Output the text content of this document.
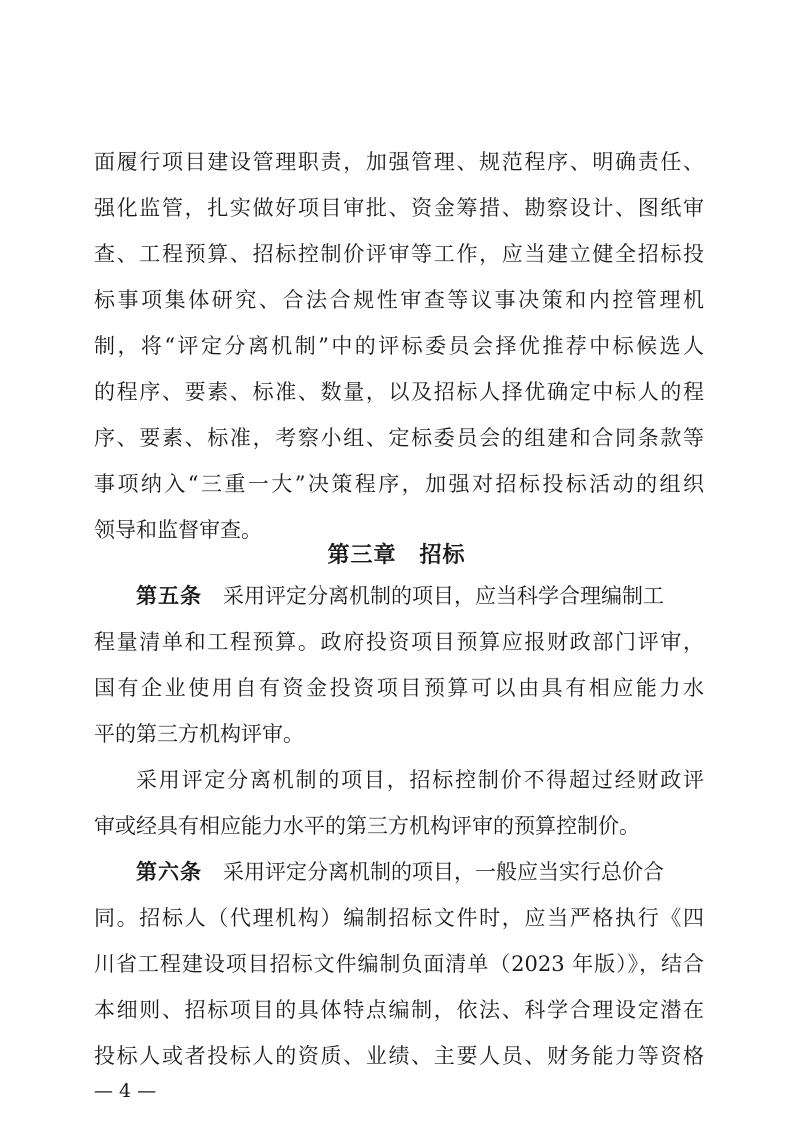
面履行项目建设管理职责，加强管理、规范程序、明确责任、
强化监管，扎实做好项目审批、资金筹措、勘察设计、图纸审
查、工程预算、招标控制价评审等工作，应当建立健全招标投
标事项集体研究、合法合规性审查等议事决策和内控管理机
制，将“评定分离机制”中的评标委员会择优推荐中标候选人
的程序、要素、标准、数量，以及招标人择优确定中标人的程
序、要素、标准，考察小组、定标委员会的组建和合同条款等
事项纳入“三重一大”决策程序，加强对招标投标活动的组织
领导和监督审查。
第三章　招标
第五条　采用评定分离机制的项目，应当科学合理编制工
程量清单和工程预算。政府投资项目预算应报财政部门评审，
国有企业使用自有资金投资项目预算可以由具有相应能力水
平的第三方机构评审。
采用评定分离机制的项目，招标控制价不得超过经财政评
审或经具有相应能力水平的第三方机构评审的预算控制价。
第六条　采用评定分离机制的项目，一般应当实行总价合
同。招标人（代理机构）编制招标文件时，应当严格执行《四
川省工程建设项目招标文件编制负面清单（2023 年版）》，结合
本细则、招标项目的具体特点编制，依法、科学合理设定潜在
投标人或者投标人的资质、业绩、主要人员、财务能力等资格
— 4 —
